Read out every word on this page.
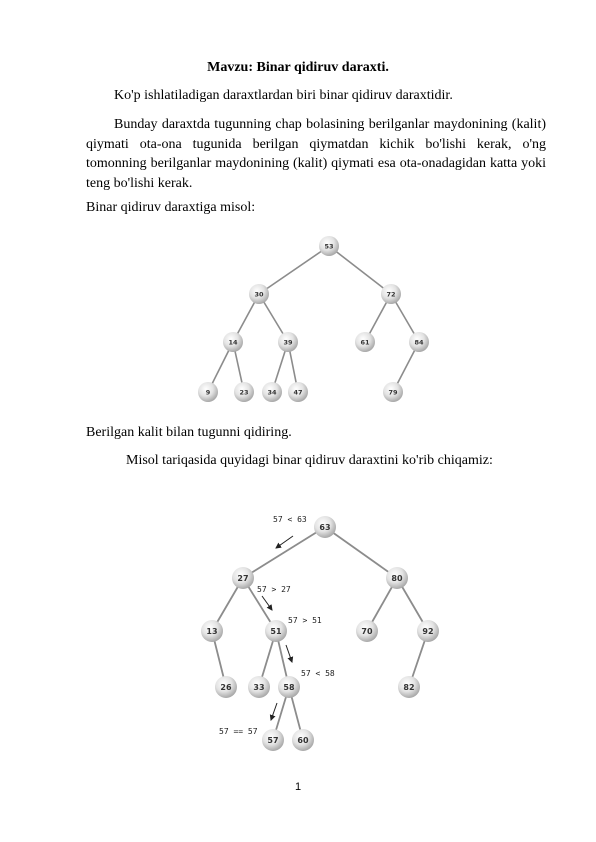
Mavzu: Binar qidiruv daraxti.

Ko'p ishlatiladigan daraxtlardan biri binar qidiruv daraxtidir.

Bunday daraxtda tugunning chap bolasining berilganlar maydonining (kalit) qiymati ota-ona tugunida berilgan qiymatdan kichik bo'lishi kerak, o'ng tomonning berilganlar maydonining (kalit) qiymati esa ota-onadagidan katta yoki teng bo'lishi kerak.

Binar qidiruv daraxtiga misol:

53
30	72
14	39	61	84
9	23	34	47	79

Berilgan kalit bilan tugunni qidiring.

Misol tariqasida quyidagi binar qidiruv daraxtini ko'rib chiqamiz:

63
27	80
13	51	70	92
26	33 58	82
57 60
57 < 63
57 > 27
57 > 51
57 < 58
57 == 57
1
